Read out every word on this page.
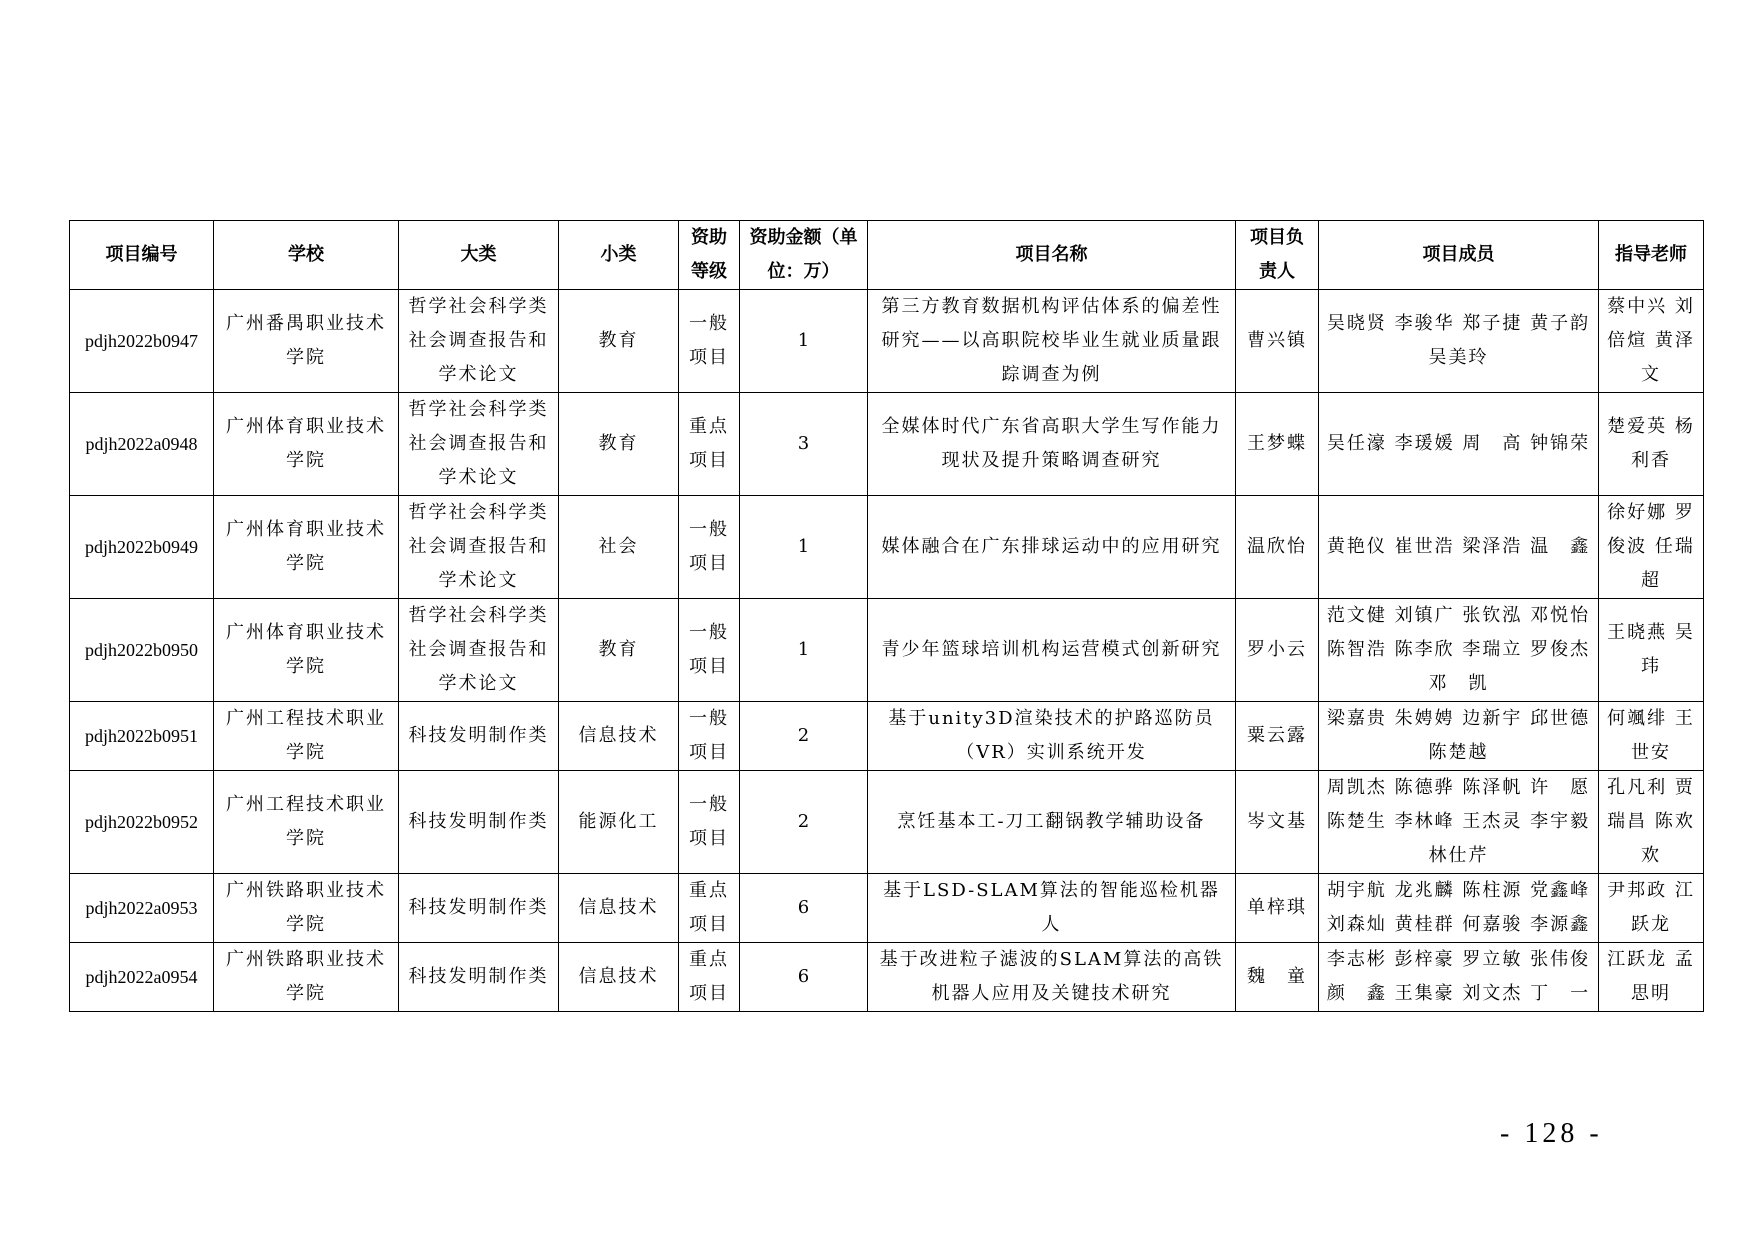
项目编号	学校	大类	小类	资助等级	资助金额（单位：万）	项目名称	项目负责人	项目成员	指导老师
pdjh2022b0947	广州番禺职业技术学院	哲学社会科学类社会调查报告和学术论文	教育	一般项目	1	第三方教育数据机构评估体系的偏差性研究——以高职院校毕业生就业质量跟踪调查为例	曹兴镇	吴晓贤 李骏华 郑子捷 黄子韵 吴美玲	蔡中兴 刘倍煊 黄泽文
pdjh2022a0948	广州体育职业技术学院	哲学社会科学类社会调查报告和学术论文	教育	重点项目	3	全媒体时代广东省高职大学生写作能力现状及提升策略调查研究	王梦蝶	吴任濠 李瑗媛 周　高 钟锦荣	楚爱英 杨利香
pdjh2022b0949	广州体育职业技术学院	哲学社会科学类社会调查报告和学术论文	社会	一般项目	1	媒体融合在广东排球运动中的应用研究	温欣怡	黄艳仪 崔世浩 梁泽浩 温　鑫	徐好娜 罗俊波 任瑞超
pdjh2022b0950	广州体育职业技术学院	哲学社会科学类社会调查报告和学术论文	教育	一般项目	1	青少年篮球培训机构运营模式创新研究	罗小云	范文健 刘镇广 张钦泓 邓悦怡 陈智浩 陈李欣 李瑞立 罗俊杰 邓　凯	王晓燕 吴　玮
pdjh2022b0951	广州工程技术职业学院	科技发明制作类	信息技术	一般项目	2	基于unity3D渲染技术的护路巡防员（VR）实训系统开发	粟云露	梁嘉贵 朱娉娉 边新宇 邱世德 陈楚越	何颯绯 王世安
pdjh2022b0952	广州工程技术职业学院	科技发明制作类	能源化工	一般项目	2	烹饪基本工-刀工翻锅教学辅助设备	岑文基	周凯杰 陈德骅 陈泽帆 许　愿 陈楚生 李林峰 王杰灵 李宇毅 林仕芹	孔凡利 贾瑞昌 陈欢欢
pdjh2022a0953	广州铁路职业技术学院	科技发明制作类	信息技术	重点项目	6	基于LSD-SLAM算法的智能巡检机器人	单梓琪	胡宇航 龙兆麟 陈柱源 党鑫峰 刘森灿 黄桂群 何嘉骏 李源鑫	尹邦政 江跃龙
pdjh2022a0954	广州铁路职业技术学院	科技发明制作类	信息技术	重点项目	6	基于改进粒子滤波的SLAM算法的高铁机器人应用及关键技术研究	魏　童	李志彬 彭梓豪 罗立敏 张伟俊 颜　鑫 王集豪 刘文杰 丁　一	江跃龙 孟思明
- 128 -
